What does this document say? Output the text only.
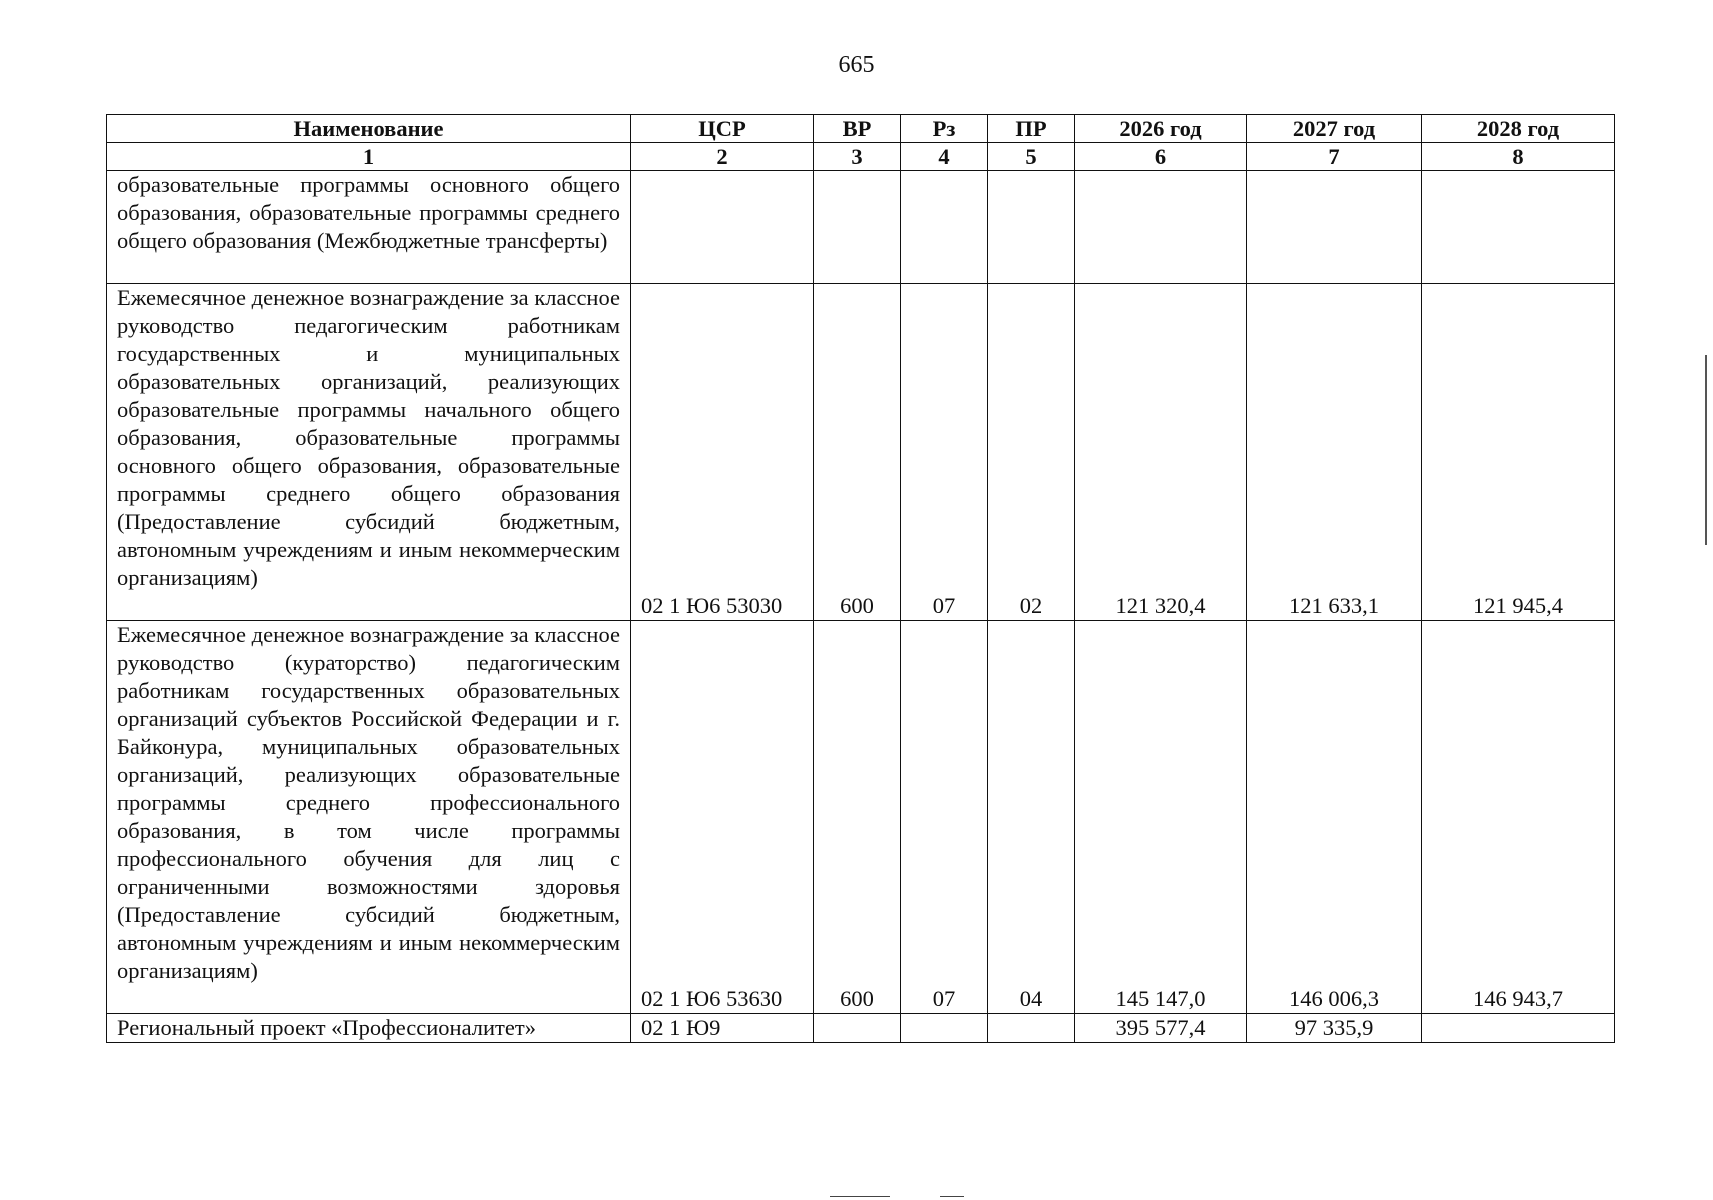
665
Наименование	ЦСР	ВР	Рз	ПР	2026 год	2027 год	2028 год
1	2	3	4	5	6	7	8
образовательные программы основного общего образования, образовательные программы среднего общего образования (Межбюджетные трансферты)							
Ежемесячное денежное вознаграждение за классное руководство педагогическим работникам государственных и муниципальных образовательных организаций, реализующих образовательные программы начального общего образования, образовательные программы основного общего образования, образовательные программы среднего общего образования (Предоставление субсидий бюджетным, автономным учреждениям и иным некоммерческим организациям)	02 1 Ю6 53030	600	07	02	121 320,4	121 633,1	121 945,4
Ежемесячное денежное вознаграждение за классное руководство (кураторство) педагогическим работникам государственных образовательных организаций субъектов Российской Федерации и г. Байконура, муниципальных образовательных организаций, реализующих образовательные программы среднего профессионального образования, в том числе программы профессионального обучения для лиц с ограниченными возможностями здоровья (Предоставление субсидий бюджетным, автономным учреждениям и иным некоммерческим организациям)	02 1 Ю6 53630	600	07	04	145 147,0	146 006,3	146 943,7
Региональный проект «Профессионалитет»	02 1 Ю9				395 577,4	97 335,9	
